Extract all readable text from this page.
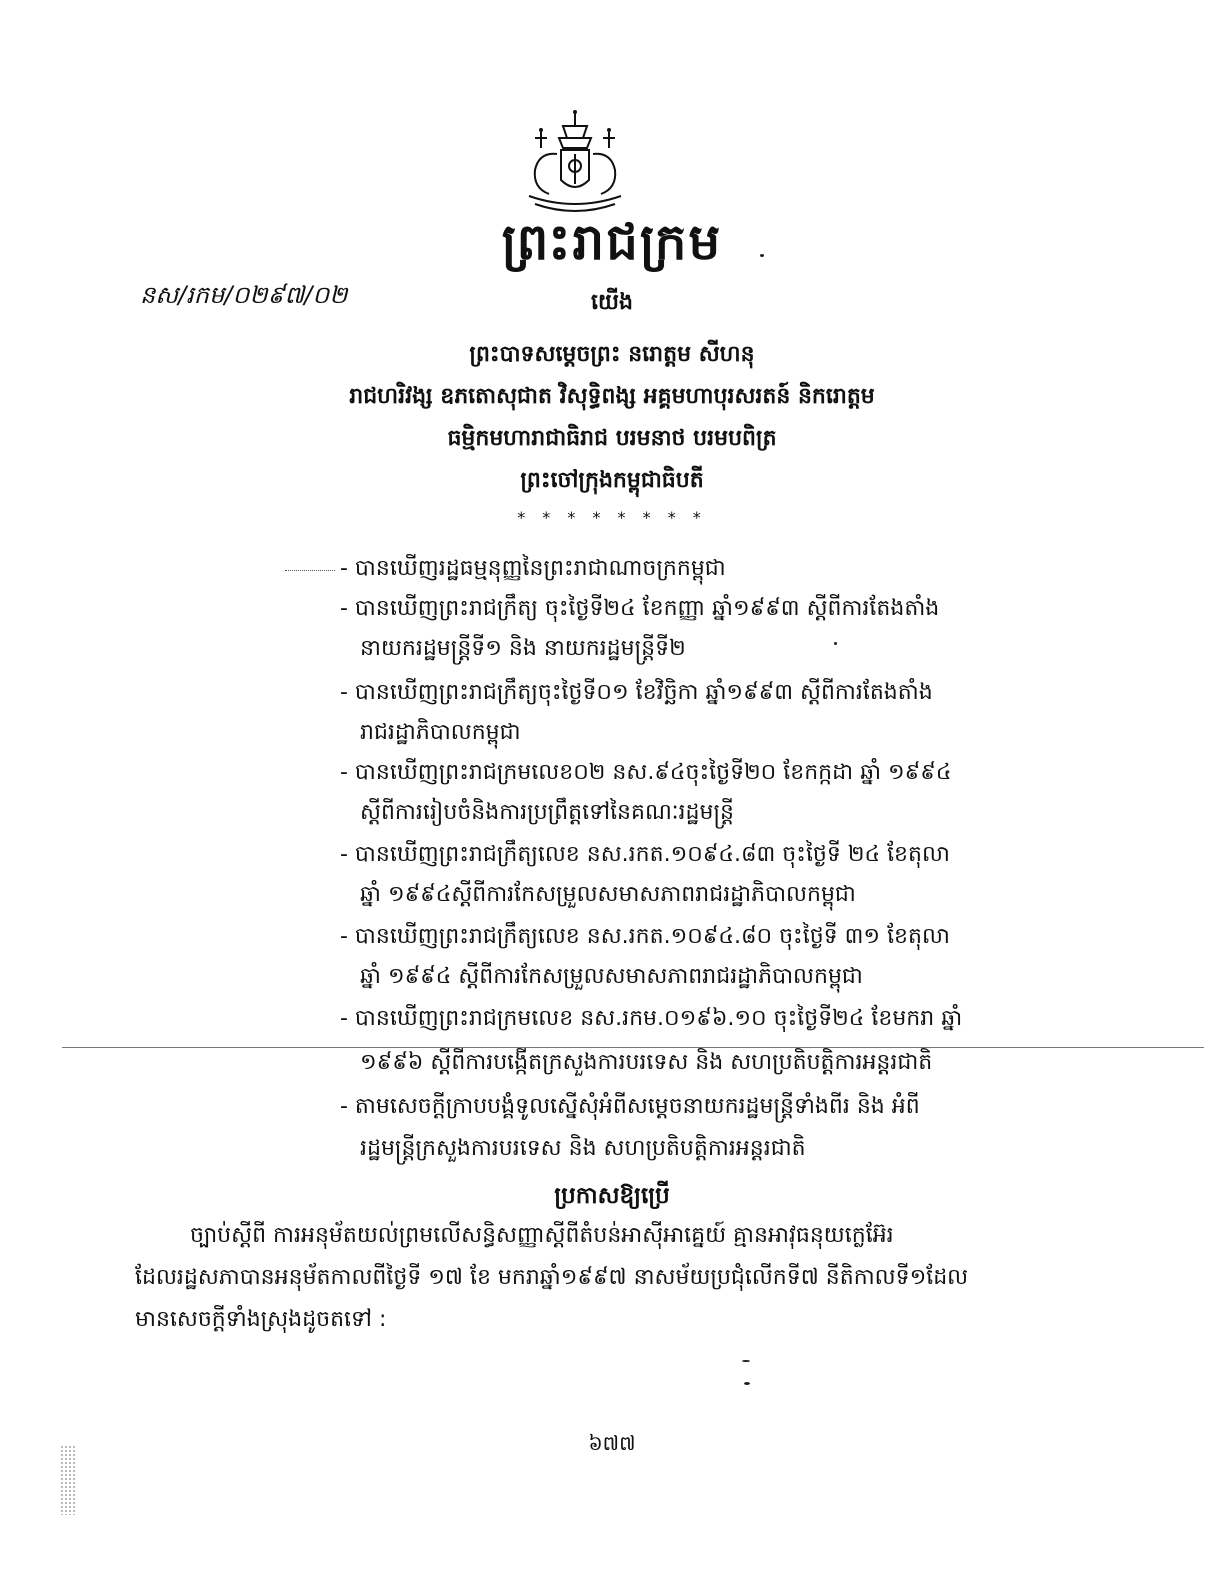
ព្រះរាជក្រម
នស/រកម/០២៩៧/០២	យើង
ព្រះបាទសម្តេចព្រះ នរោត្តម សីហនុ
រាជហរិវង្ស ឧភតោសុជាត វិសុទ្ធិពង្ស អគ្គមហាបុរសរតន៍ និករោត្តម
ធម្មិកមហារាជាធិរាជ បរមនាថ បរមបពិត្រ
ព្រះចៅក្រុងកម្ពុជាធិបតី
* * * * * * * *
- បានឃើញរដ្ឋធម្មនុញ្ញនៃព្រះរាជាណាចក្រកម្ពុជា
- បានឃើញព្រះរាជក្រឹត្យ ចុះថ្ងៃទី២៤ ខែកញ្ញា ឆ្នាំ១៩៩៣ ស្តីពីការតែងតាំង
នាយករដ្ឋមន្ត្រីទី១ និង នាយករដ្ឋមន្ត្រីទី២
- បានឃើញព្រះរាជក្រឹត្យចុះថ្ងៃទី០១ ខែវិច្ឆិកា ឆ្នាំ១៩៩៣ ស្តីពីការតែងតាំង
រាជរដ្ឋាភិបាលកម្ពុជា
- បានឃើញព្រះរាជក្រមលេខ០២ នស.៩៤ចុះថ្ងៃទី២០ ខែកក្កដា ឆ្នាំ ១៩៩៤
ស្តីពីការរៀបចំនិងការប្រព្រឹត្តទៅនៃគណៈរដ្ឋមន្ត្រី
- បានឃើញព្រះរាជក្រឹត្យលេខ នស.រកត.១០៩៤.៨៣ ចុះថ្ងៃទី ២៤ ខែតុលា
ឆ្នាំ ១៩៩៤ស្តីពីការកែសម្រួលសមាសភាពរាជរដ្ឋាភិបាលកម្ពុជា
- បានឃើញព្រះរាជក្រឹត្យលេខ នស.រកត.១០៩៤.៨០ ចុះថ្ងៃទី ៣១ ខែតុលា
ឆ្នាំ ១៩៩៤ ស្តីពីការកែសម្រួលសមាសភាពរាជរដ្ឋាភិបាលកម្ពុជា
- បានឃើញព្រះរាជក្រមលេខ នស.រកម.០១៩៦.១០ ចុះថ្ងៃទី២៤ ខែមករា ឆ្នាំ
១៩៩៦ ស្តីពីការបង្កើតក្រសួងការបរទេស និង សហប្រតិបត្តិការអន្តរជាតិ
- តាមសេចក្តីក្រាបបង្គំទូលស្នើសុំអំពីសម្តេចនាយករដ្ឋមន្ត្រីទាំងពីរ និង អំពី
រដ្ឋមន្ត្រីក្រសួងការបរទេស និង សហប្រតិបត្តិការអន្តរជាតិ
ប្រកាសឱ្យប្រើ
ច្បាប់ស្តីពី ការអនុម័តយល់ព្រមលើសន្ធិសញ្ញាស្តីពីតំបន់អាស៊ីអាគ្នេយ៍ គ្មានអាវុធនុយក្លេអ៊ែរ
ដែលរដ្ឋសភាបានអនុម័តកាលពីថ្ងៃទី ១៧ ខែ មករាឆ្នាំ១៩៩៧ នាសម័យប្រជុំលើកទី៧ នីតិកាលទី១ដែល
មានសេចក្តីទាំងស្រុងដូចតទៅ :
៦៧៧
